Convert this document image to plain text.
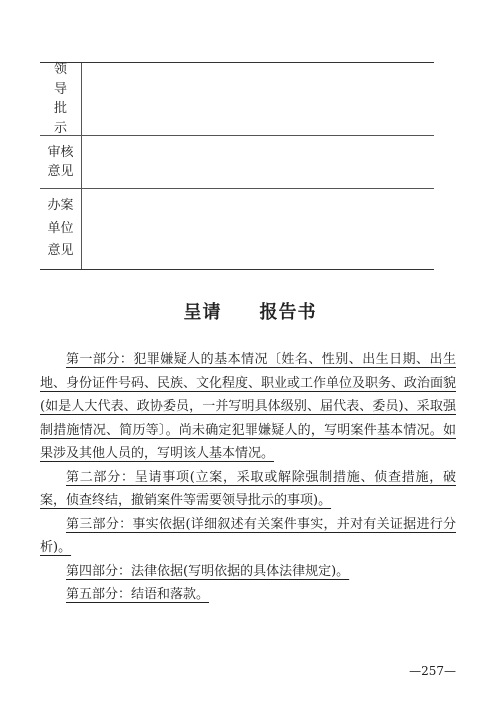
领
导
批
示
审核
意见
办案
单位
意见
呈请　　报告书

第一部分：犯罪嫌疑人的基本情况〔姓名、性别、出生日期、出生地、身份证件号码、民族、文化程度、职业或工作单位及职务、政治面貌(如是人大代表、政协委员，一并写明具体级别、届代表、委员)、采取强制措施情况、简历等〕。尚未确定犯罪嫌疑人的，写明案件基本情况。如果涉及其他人员的，写明该人基本情况。

第二部分：呈请事项(立案，采取或解除强制措施、侦查措施，破案，侦查终结，撤销案件等需要领导批示的事项)。

第三部分：事实依据(详细叙述有关案件事实，并对有关证据进行分析)。

第四部分：法律依据(写明依据的具体法律规定)。

第五部分：结语和落款。

—257—
